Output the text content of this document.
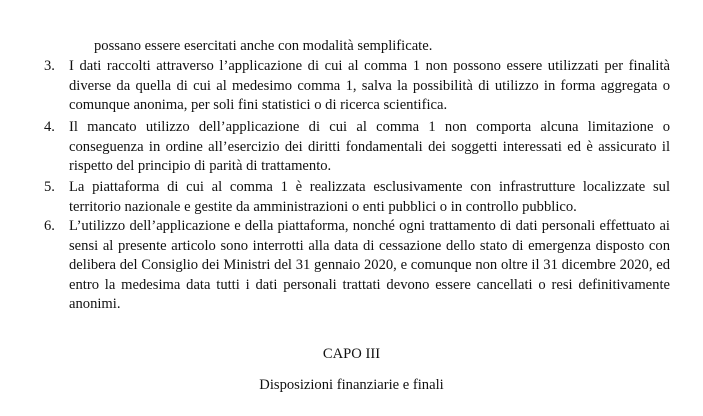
possano essere esercitati anche con modalità semplificate.
3. I dati raccolti attraverso l’applicazione di cui al comma 1 non possono essere utilizzati per finalità diverse da quella di cui al medesimo comma 1, salva la possibilità di utilizzo in forma aggregata o comunque anonima, per soli fini statistici o di ricerca scientifica.
4. Il mancato utilizzo dell’applicazione di cui al comma 1 non comporta alcuna limitazione o conseguenza in ordine all’esercizio dei diritti fondamentali dei soggetti interessati ed è assicurato il rispetto del principio di parità di trattamento.
5. La piattaforma di cui al comma 1 è realizzata esclusivamente con infrastrutture localizzate sul territorio nazionale e gestite da amministrazioni o enti pubblici o in controllo pubblico.
6. L’utilizzo dell’applicazione e della piattaforma, nonché ogni trattamento di dati personali effettuato ai sensi al presente articolo sono interrotti alla data di cessazione dello stato di emergenza disposto con delibera del Consiglio dei Ministri del 31 gennaio 2020, e comunque non oltre il 31 dicembre 2020, ed entro la medesima data tutti i dati personali trattati devono essere cancellati o resi definitivamente anonimi.
CAPO III
Disposizioni finanziarie e finali
